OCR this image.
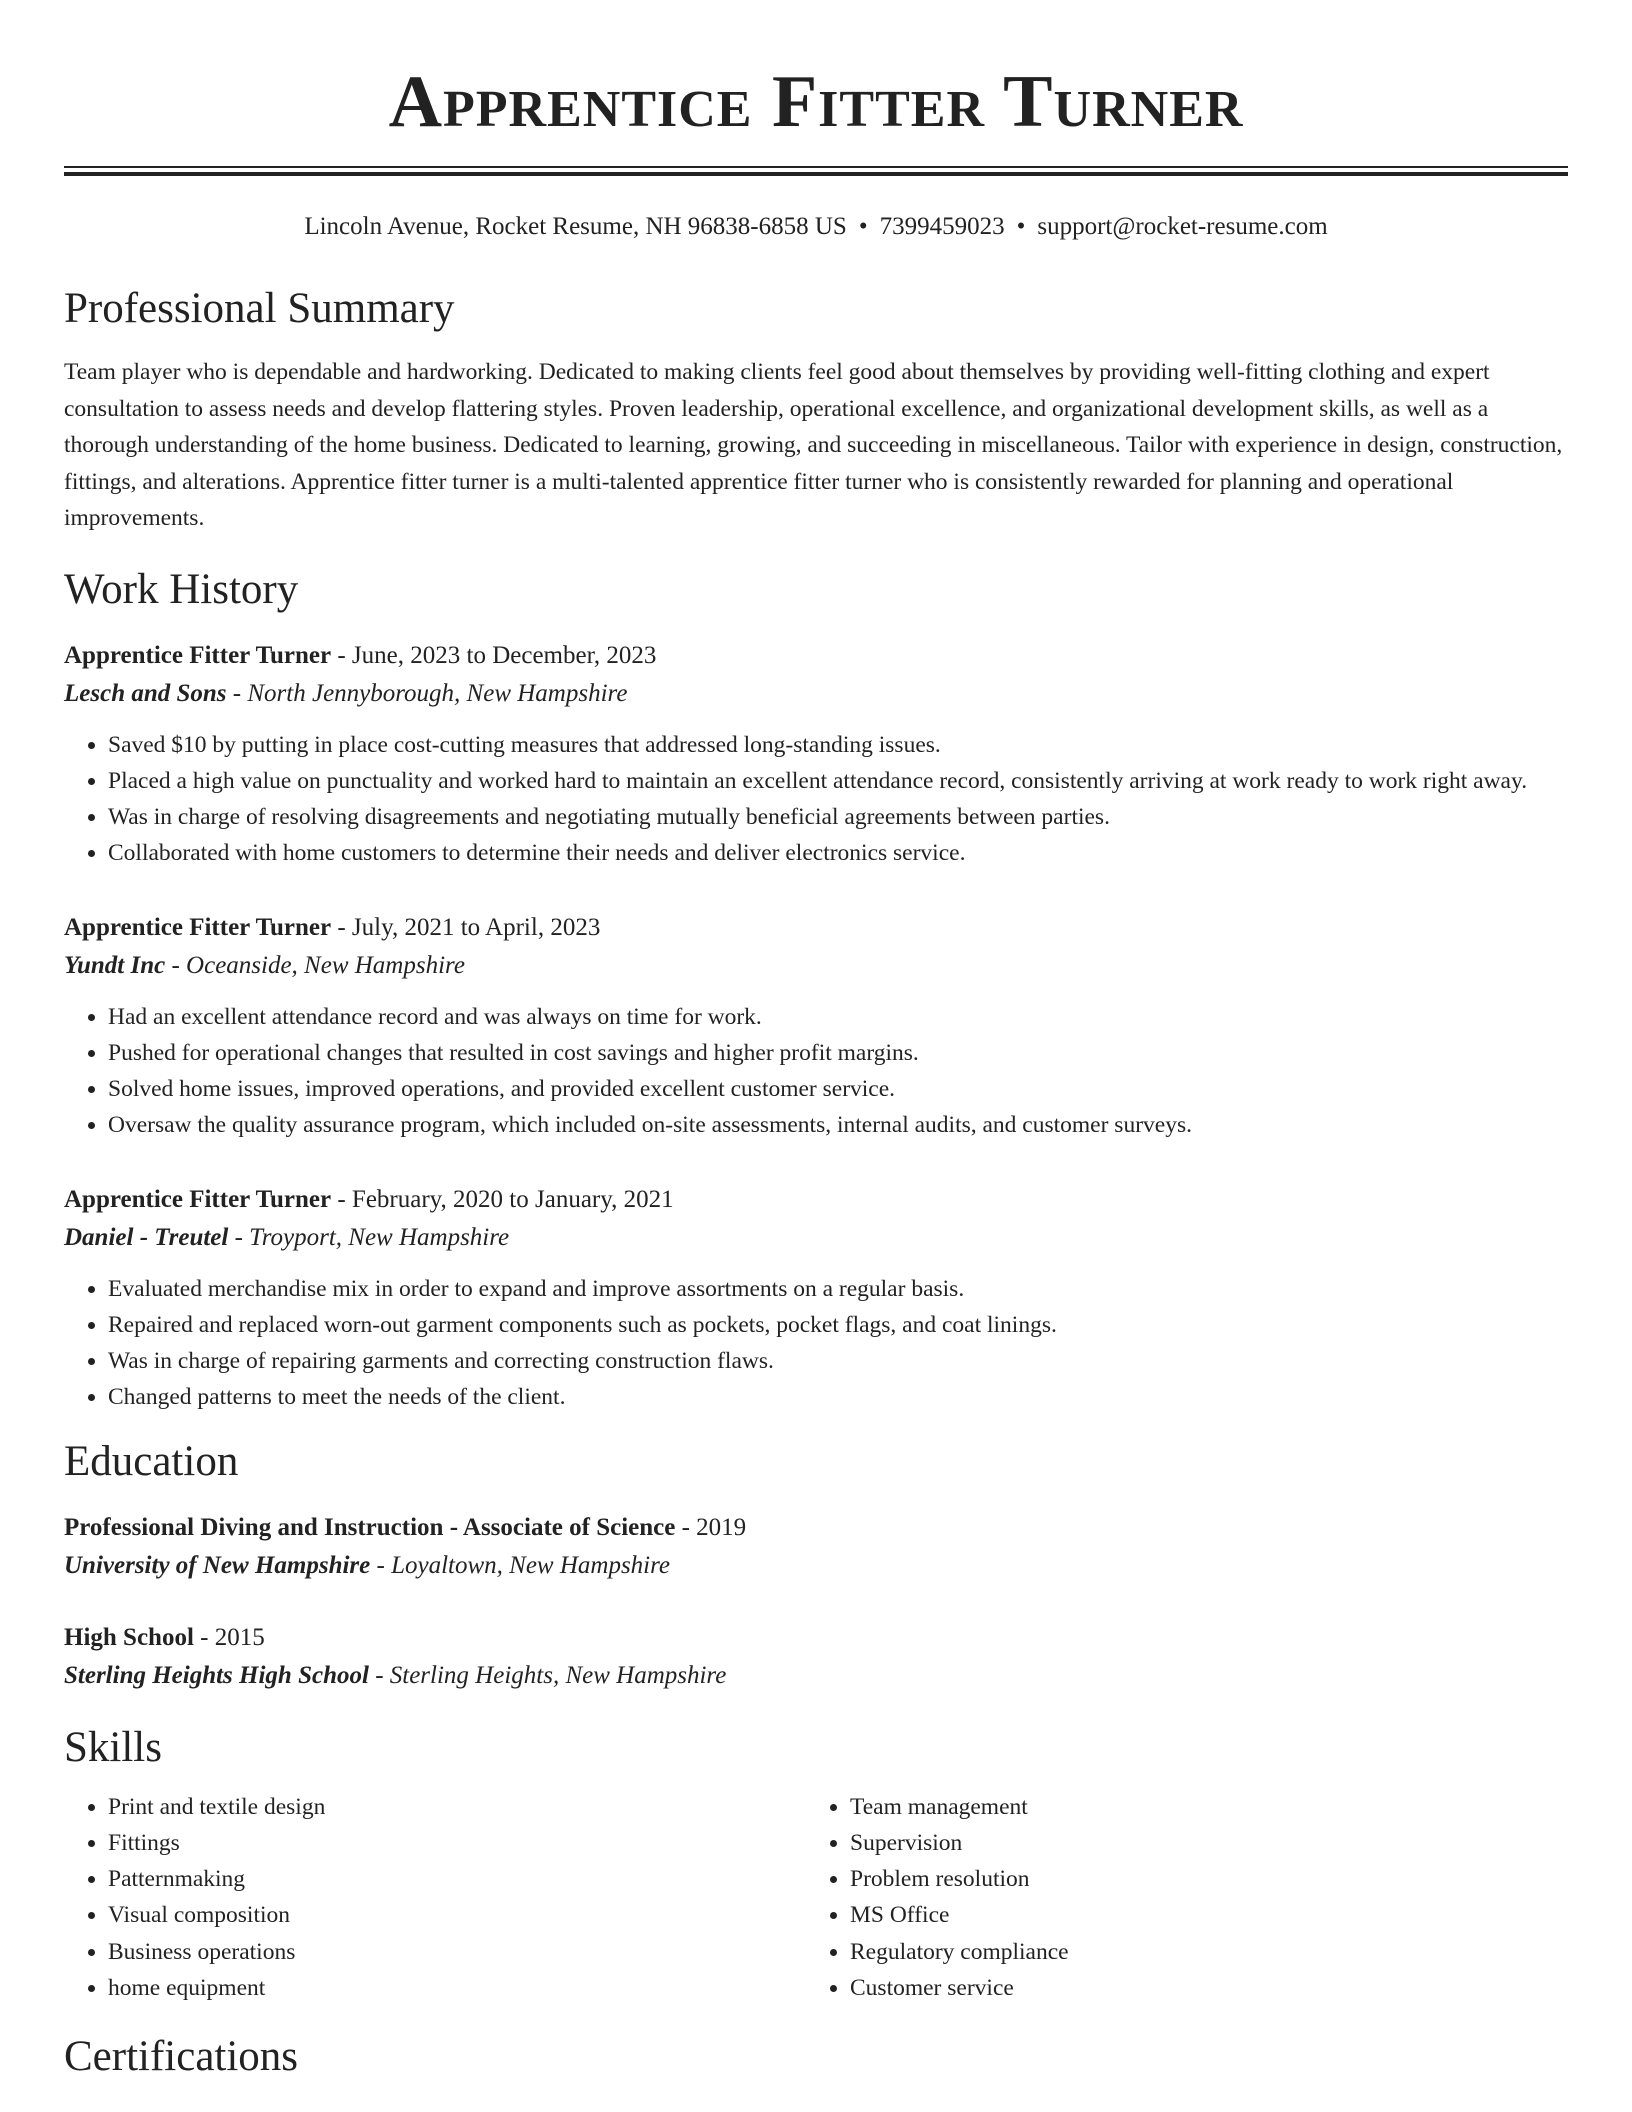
Apprentice Fitter Turner
Lincoln Avenue, Rocket Resume, NH 96838-6858 US • 7399459023 • support@rocket-resume.com
Professional Summary

Team player who is dependable and hardworking. Dedicated to making clients feel good about themselves by providing well-fitting clothing and expert consultation to assess needs and develop flattering styles. Proven leadership, operational excellence, and organizational development skills, as well as a thorough understanding of the home business. Dedicated to learning, growing, and succeeding in miscellaneous. Tailor with experience in design, construction, fittings, and alterations. Apprentice fitter turner is a multi-talented apprentice fitter turner who is consistently rewarded for planning and operational improvements.

Work History
Apprentice Fitter Turner - June, 2023 to December, 2023
Lesch and Sons - North Jennyborough, New Hampshire
• Saved $10 by putting in place cost-cutting measures that addressed long-standing issues.
• Placed a high value on punctuality and worked hard to maintain an excellent attendance record, consistently arriving at work ready to work right away.
• Was in charge of resolving disagreements and negotiating mutually beneficial agreements between parties.
• Collaborated with home customers to determine their needs and deliver electronics service.
Apprentice Fitter Turner - July, 2021 to April, 2023
Yundt Inc - Oceanside, New Hampshire
• Had an excellent attendance record and was always on time for work.
• Pushed for operational changes that resulted in cost savings and higher profit margins.
• Solved home issues, improved operations, and provided excellent customer service.
• Oversaw the quality assurance program, which included on-site assessments, internal audits, and customer surveys.
Apprentice Fitter Turner - February, 2020 to January, 2021
Daniel - Treutel - Troyport, New Hampshire
• Evaluated merchandise mix in order to expand and improve assortments on a regular basis.
• Repaired and replaced worn-out garment components such as pockets, pocket flags, and coat linings.
• Was in charge of repairing garments and correcting construction flaws.
• Changed patterns to meet the needs of the client.
Education
Professional Diving and Instruction - Associate of Science - 2019
University of New Hampshire - Loyaltown, New Hampshire
High School - 2015
Sterling Heights High School - Sterling Heights, New Hampshire
Skills
• Print and textile design
• Fittings
• Patternmaking
• Visual composition
• Business operations
• home equipment
• Team management
• Supervision
• Problem resolution
• MS Office
• Regulatory compliance
• Customer service
Certifications
